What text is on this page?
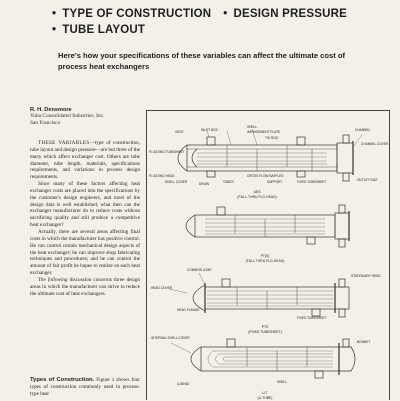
• TYPE OF CONSTRUCTION • DESIGN PRESSURE
• TUBE LAYOUT
Here's how your specifications of these variables can affect the ultimate cost of process heat exchangers
R. H. Densmore
Yuba Consolidated Industries, Inc.
San Francisco

THESE VARIABLES—type of construction, tube layout and design pressure—are but three of the many which affect exchanger cost. Others are tube diameter, tube length, materials, specifications requirements, and variations in process design requirements.

Since many of these factors affecting heat exchanger costs are placed into the specifications by the customer's design engineers, and most of the design data is well established, what then can the exchanger manufacturer do to reduce costs without sacrificing quality and still produce a competitive heat exchanger?

Actually, there are several areas affecting final costs in which the manufacturer has positive control. He can control certain mechanical design aspects of the heat exchanger; he can improve shop fabricating techniques and procedures; and he can control the amount of fair profit he hopes to realize on each heat exchanger.

The following discussion concerns three design areas in which the manufacturer can strive to reduce the ultimate cost of heat exchangers.

Types of Construction. Figure 1 shows four types of construction commonly used in process-type heat
VENT	INLET NOZ.
SHELL
IMPINGEMENT PLATE
TIE ROD
CHANNEL
CHANNEL COVER
FLOATING TUBESHEET
CROSS FLOW BAFFLES
FLOATING HEAD
SHELL COVER	DRAIN	TUBES	OUTLET NOZ.
SUPPORT	FIXED TUBESHEET
AES
(PULL-THRU FLG-HEAD)
PT(S)
(FULL THRU FLG-HEAD)
COMMON JOINT
HEAD COVER
HEAD FLANGE
FIXED TUBESHEET
STATIONARY HEAD
PTS
(FIXED TUBESHEET)
INTERNAL SHELL COVER
U-BEND
BONNET
SHELL
U-T
(U-TUBE)
